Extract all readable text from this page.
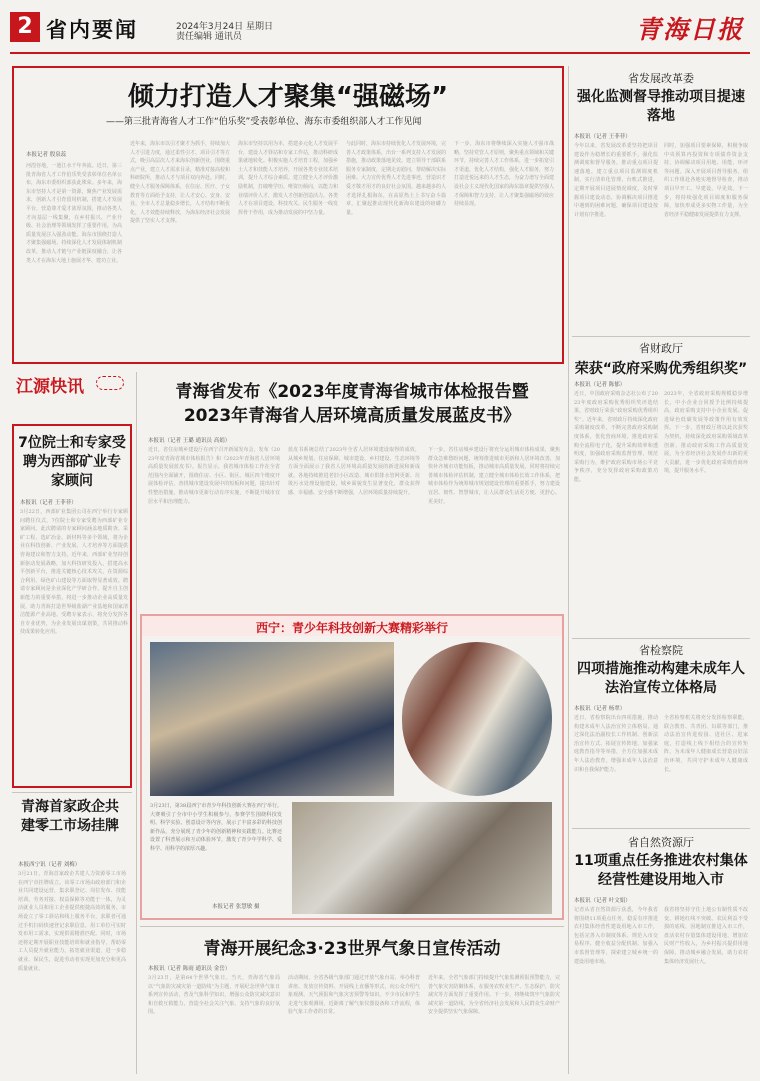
2 省内要闻	2024年3月24日 星期日
责任编辑 通讯员	青海日报
倾力打造人才聚集“强磁场”
——第三批青海省人才工作“伯乐奖”受表彰单位、海东市委组织部人才工作见闻
本报记者 殷泉蕊
河湟谷地，一池江水千年奔流。近日，第三批青海省人才工作伯乐奖受表彰单位名单公布，海东市委组织部获此殊荣。多年来，海东市坚持人才是第一资源，聚焦产业发展需求，创新人才引育留用机制，搭建人才发展平台，营造尊才爱才浓厚氛围，推动各类人才向基层一线集聚，在乡村振兴、产业升级、社会治理等领域发挥了重要作用，为高质量发展注入强劲动能。海东市围绕打造人才聚集强磁场，持续深化人才发展体制机制改革，推动人才链与产业链深度融合，让各类人才在海东大地上施展才华、建功立业。
近年来，海东市以引才聚才为抓手，持续加大人才引进力度，通过柔性引才、项目引才等方式，吸引高层次人才来海东创新创业。围绕重点产业，建立人才需求目录，精准对接高校和科研院所，推动人才与项目双向奔赴。同时，健全人才服务保障体系，在住房、医疗、子女教育等方面给予支持，让人才安心、安身、安业。全市人才总量稳步增长，人才结构不断优化，人才效能持续释放，为海东经济社会发展提供了坚实人才支撑。
海东市坚持以用为本，搭建多元化人才发展平台，建设人才驿站和专家工作站，推动科研成果就地转化。积极实施人才培育工程，加强乡土人才和技能人才培养，开展各类专业技术培训，提升人才综合素质。建立健全人才评价激励机制，打破唯学历、唯资历倾向，以能力和业绩评价人才，激发人才创新创造活力。各类人才在项目建设、科技攻关、民生服务一线发挥骨干作用，成为推动发展的中坚力量。
与此同时，海东市持续优化人才发展环境，完善人才政策体系，出台一系列支持人才发展的措施，推动政策落地见效。建立领导干部联系服务专家制度，定期走访慰问，帮助解决实际困难。大力宣传优秀人才先进事迹，营造识才爱才敬才用才的良好社会氛围。越来越多的人才选择扎根海东，在高原热土上书写奋斗篇章，汇聚起推动现代化新海东建设的磅礴力量。
下一步，海东市将继续深入实施人才强市战略，坚持党管人才原则，聚焦重点领域和关键环节，持续完善人才工作体系，进一步拓宽引才渠道，优化人才结构，强化人才服务，努力打造近悦远来的人才生态，为奋力谱写全面建设社会主义现代化国家的海东篇章提供坚强人才保障和智力支持，让人才聚集强磁场的效应持续显现。
江源快讯
7位院士和专家受聘为西部矿业专家顾问
本报讯（记者 王菲菲）
3月22日，西部矿业集团公司在西宁举行专家顾问聘任仪式，7位院士和专家受聘为西部矿业专家顾问。此次聘请的专家顾问涵盖地质勘查、采矿工程、选矿冶金、新材料等多个领域，将为企业在科技创新、产业发展、人才培养等方面提供咨询建议和智力支持。近年来，西部矿业坚持创新驱动发展战略，加大科技研发投入，搭建高水平创新平台，推进关键核心技术攻关，在资源综合利用、绿色矿山建设等方面取得显著成效。聘请专家顾问是企业深化产学研合作、提升自主创新能力的重要举措，将进一步推动企业高质量发展，助力青海打造世界级盐湖产业基地和国家清洁能源产业高地。受聘专家表示，将充分发挥各自专业优势，为企业发展出谋划策，共同推动科技成果转化应用。
青海首家政企共建零工市场挂牌
本报西宁讯（记者 刘梅）
3月21日，青海首家政企共建人力资源零工市场在西宁市挂牌成立。该零工市场由政府部门和企业共同建设运营，集求职登记、岗位发布、技能培训、劳务对接、权益保障等功能于一体，为灵活就业人员和用工企业提供便捷高效的服务。市场设立了零工驿站和线上服务平台，求职者可通过手机扫码快速登记求职信息，用工单位可实时发布用工需求，实现供需精准匹配。同时，市场还将定期开展职业技能培训和就业指导，帮助零工人员提升就业能力，拓宽就业渠道，进一步稳就业、保民生，促进劳动者实现更加充分和更高质量就业。
青海省发布《2023年度青海省城市体检报告暨2023年青海省人居环境高质量发展蓝皮书》
本报讯（记者 王璐 通讯员 高娟）
近日，省住房城乡建设厅在西宁召开新闻发布会，发布《2023年度青海省城市体检报告》和《2023年青海省人居环境高质量发展蓝皮书》。报告显示，我省城市体检工作在全省范围内全面铺开，围绕住房、小区、街区、城区四个维度开展体检评估，查找城市建设发展中的短板和问题，提出针对性整治措施，推动城市更新行动有序实施，不断提升城市宜居水平和治理能力。
蓝皮书系统总结了2023年全省人居环境建设取得的成效，从城乡规划、住房保障、城市建设、乡村建设、生态环境等方面全面展示了我省人居环境高质量发展的新进展和新成就。各地持续推进老旧小区改造、城市供排水管网更新、垃圾污水处理设施建设，城乡面貌发生显著变化，群众获得感、幸福感、安全感不断增强，人居环境质量持续提升。
下一步，省住房城乡建设厅将充分运用城市体检成果，聚焦群众急难愁盼问题，统筹推进城市更新和人居环境改善，加快补齐城市功能短板，推动城市高质量发展。同时将持续完善城市体检评估机制，建立健全城市体检长效工作体系，把城市体检作为统筹城市规划建设管理的重要抓手，努力建设宜居、韧性、智慧城市，让人民群众生活更方便、更舒心、更美好。
西宁：青少年科技创新大赛精彩举行
3月23日，第38届西宁市青少年科技创新大赛在西宁举行。大赛吸引了全市中小学生积极参与，参赛学生围绕科技发明、科学实验、创意设计等内容，展示了丰富多彩的科技创新作品，充分展现了青少年的创新精神和实践能力。比赛还设置了科普展示和互动体验环节，激发了青少年学科学、爱科学、用科学的浓厚兴趣。
本报记者 张慧敏 摄
青海开展纪念3·23世界气象日宣传活动
本报讯（记者 陈雨 通讯员 金岳）
3月23日，是第64个世界气象日。当天，青海省气象局以“气象防灾减灾第一道防线”为主题，开展纪念世界气象日系列宣传活动，普及气象科学知识，增强公众防灾减灾意识和自救互救能力，营造全社会关注气象、支持气象的良好氛围。
活动期间，全省各级气象部门通过开放气象台站、举办科普讲座、发放宣传资料、开展线上直播等形式，向公众介绍气象观测、天气预报和气象灾害预警等知识。不少市民和学生走进气象观测场，近距离了解气象仪器设备和工作流程，体验气象工作者的日常。
近年来，全省气象部门持续提升气象监测预报预警能力，完善气象灾害防御体系，在服务农牧业生产、生态保护、防灾减灾等方面发挥了重要作用。下一步，将继续筑牢气象防灾减灾第一道防线，为全省经济社会发展和人民群众生命财产安全提供坚实气象保障。
省发展改革委
强化监测督导推动项目提速落地
本报讯（记者 王菲菲）
今年以来，省发展改革委坚持把项目建设作为稳增长的重要抓手，强化监测调度和督导服务，推动重点项目提速落地。建立重点项目监测调度机制，实行清单化管理、台账式推进，定期开展项目进展情况调度，及时掌握项目建设动态，协调解决项目推进中遇到的困难问题，确保项目建设按计划有序推进。
同时，加强项目要素保障，积极争取中央预算内投资和专项债券资金支持，协调解决项目用地、用能、环评等问题。深入开展项目督导服务，组织工作组赴各地实地督导检查，推动项目早开工、早建设、早见效。下一步，将持续强化项目调度和服务保障，加快形成更多实物工作量，为全省经济平稳健康发展提供有力支撑。
省财政厅
荣获“政府采购优秀组织奖”
本报讯（记者 陈郁）
近日，中国政府采购杂志社公布了2023年度政府采购优秀组织奖评选结果，省财政厅荣获“政府采购优秀组织奖”。近年来，省财政厅持续深化政府采购制度改革，不断完善政府采购制度体系，优化营商环境，推进政府采购全流程电子化，提升采购效率和透明度，加强政府采购监督管理，规范采购行为，维护政府采购市场公平竞争秩序，充分发挥政府采购政策功能。
2023年，全省政府采购规模稳步增长，中小企业合同授予比例持续提高，政府采购支持中小企业发展、促进绿色低碳发展等政策作用有效发挥。下一步，省财政厅将以此次获奖为契机，持续深化政府采购领域改革创新，推动政府采购工作高质量发展，为全省经济社会发展作出新的更大贡献，进一步优化政府采购营商环境，提升服务水平。
省检察院
四项措施推动构建未成年人法治宣传立体格局
本报讯（记者 杨翠）
近日，省检察院出台四项措施，推动构建未成年人法治宣传立体格局。通过深化法治副校长工作机制、创新法治宣传方式、拓展宣传阵地、加强家庭教育指导等举措，全方位加强未成年人法治教育，增强未成年人法治意识和自我保护能力。
全省检察机关将充分发挥检察职能，联合教育、共青团、妇联等部门，推动法治宣传进校园、进社区、进家庭，打造线上线下相结合的宣传矩阵，为未成年人健康成长营造良好法治环境，共同守护未成年人健康成长。
省自然资源厅
11项重点任务推进农村集体经营性建设用地入市
本报讯（记者 叶文娟）
记者从省自然资源厅获悉，今年我省将围绕11项重点任务，稳妥有序推进农村集体经营性建设用地入市工作，包括完善入市制度体系、规范入市交易程序、健全收益分配机制、加强入市监督管理等，探索建立城乡统一的建设用地市场。
我省将坚持守住土地公有制性质不改变、耕地红线不突破、农民利益不受损的底线，因地制宜推进入市工作，盘活农村存量集体建设用地，增加农民财产性收入，为乡村振兴提供用地保障，推动城乡融合发展，助力农村集体经济发展壮大。
